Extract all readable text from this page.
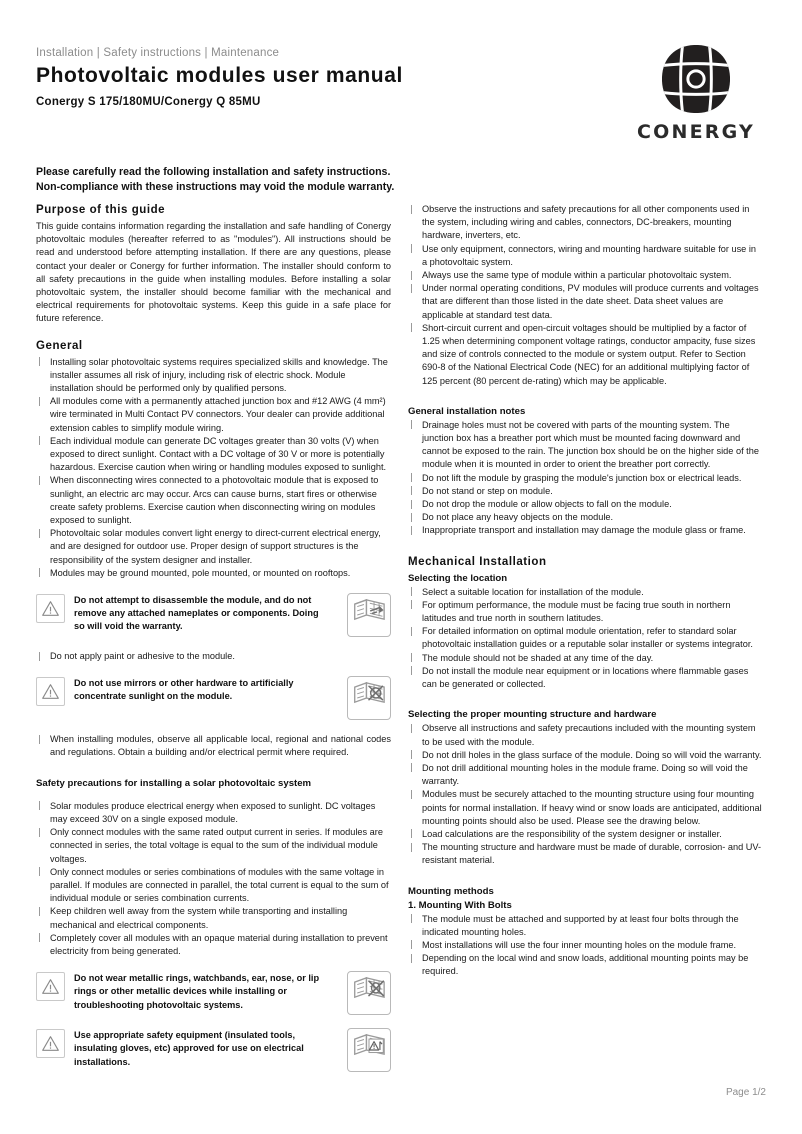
Installation | Safety instructions | Maintenance
Photovoltaic modules user manual
Conergy S 175/180MU/Conergy Q 85MU
CONERGY
Please carefully read the following installation and safety instructions.
Non-compliance with these instructions may void the module warranty.
Purpose of this guide

This guide contains information regarding the installation and safe handling of Conergy photovoltaic modules (hereafter referred to as "modules"). All instructions should be read and understood before attempting installation. If there are any questions, please contact your dealer or Conergy for further information. The installer should conform to all safety precautions in the guide when installing modules. Before installing a solar photovoltaic system, the installer should become familiar with the mechanical and electrical requirements for photovoltaic systems. Keep this guide in a safe place for future reference.

General
Installing solar photovoltaic systems requires specialized skills and knowledge. The installer assumes all risk of injury, including risk of electric shock. Module installation should be performed only by qualified persons.
All modules come with a permanently attached junction box and #12 AWG (4 mm²) wire terminated in Multi Contact PV connectors. Your dealer can provide additional extension cables to simplify module wiring.
Each individual module can generate DC voltages greater than 30 volts (V) when exposed to direct sunlight. Contact with a DC voltage of 30 V or more is potentially hazardous. Exercise caution when wiring or handling modules exposed to sunlight.
When disconnecting wires connected to a photovoltaic module that is exposed to sunlight, an electric arc may occur. Arcs can cause burns, start fires or otherwise create safety problems. Exercise caution when disconnecting wiring on modules exposed to sunlight.
Photovoltaic solar modules convert light energy to direct-current electrical energy, and are designed for outdoor use. Proper design of support structures is the responsibility of the system designer and installer.
Modules may be ground mounted, pole mounted, or mounted on rooftops.
Do not attempt to disassemble the module, and do not remove any attached nameplates or components. Doing so will void the warranty.
Do not apply paint or adhesive to the module.
Do not use mirrors or other hardware to artificially concentrate sunlight on the module.
When installing modules, observe all applicable local, regional and national codes and regulations. Obtain a building and/or electrical permit where required.
Safety precautions for installing a solar photovoltaic system
Solar modules produce electrical energy when exposed to sunlight. DC voltages may exceed 30V on a single exposed module.
Only connect modules with the same rated output current in series. If modules are connected in series, the total voltage is equal to the sum of the individual module voltages.
Only connect modules or series combinations of modules with the same voltage in parallel. If modules are connected in parallel, the total current is equal to the sum of individual module or series combination currents.
Keep children well away from the system while transporting and installing mechanical and electrical components.
Completely cover all modules with an opaque material during installation to prevent electricity from being generated.
Do not wear metallic rings, watchbands, ear, nose, or lip rings or other metallic devices while installing or troubleshooting photovoltaic systems.
Use appropriate safety equipment (insulated tools, insulating gloves, etc) approved for use on electrical installations.
Observe the instructions and safety precautions for all other components used in the system, including wiring and cables, connectors, DC-breakers, mounting hardware, inverters, etc.
Use only equipment, connectors, wiring and mounting hardware suitable for use in a photovoltaic system.
Always use the same type of module within a particular photovoltaic system.
Under normal operating conditions, PV modules will produce currents and voltages that are different than those listed in the date sheet. Data sheet values are applicable at standard test data.
Short-circuit current and open-circuit voltages should be multiplied by a factor of 1.25 when determining component voltage ratings, conductor ampacity, fuse sizes and size of controls connected to the module or system output. Refer to Section 690-8 of the National Electrical Code (NEC) for an additional multiplying factor of 125 percent (80 percent de-rating) which may be applicable.
General installation notes
Drainage holes must not be covered with parts of the mounting system. The junction box has a breather port which must be mounted facing downward and cannot be exposed to the rain. The junction box should be on the higher side of the module when it is mounted in order to orient the breather port correctly.
Do not lift the module by grasping the module's junction box or electrical leads.
Do not stand or step on module.
Do not drop the module or allow objects to fall on the module.
Do not place any heavy objects on the module.
Inappropriate transport and installation may damage the module glass or frame.
Mechanical Installation
Selecting the location
Select a suitable location for installation of the module.
For optimum performance, the module must be facing true south in northern latitudes and true north in southern latitudes.
For detailed information on optimal module orientation, refer to standard solar photovoltaic installation guides or a reputable solar installer or systems integrator.
The module should not be shaded at any time of the day.
Do not install the module near equipment or in locations where flammable gases can be generated or collected.
Selecting the proper mounting structure and hardware
Observe all instructions and safety precautions included with the mounting system to be used with the module.
Do not drill holes in the glass surface of the module. Doing so will void the warranty.
Do not drill additional mounting holes in the module frame. Doing so will void the warranty.
Modules must be securely attached to the mounting structure using four mounting points for normal installation. If heavy wind or snow loads are anticipated, additional mounting points should also be used. Please see the drawing below.
Load calculations are the responsibility of the system designer or installer.
The mounting structure and hardware must be made of durable, corrosion- and UV-resistant material.
Mounting methods
1. Mounting With Bolts
The module must be attached and supported by at least four bolts through the indicated mounting holes.
Most installations will use the four inner mounting holes on the module frame.
Depending on the local wind and snow loads, additional mounting points may be required.
Page 1/2
